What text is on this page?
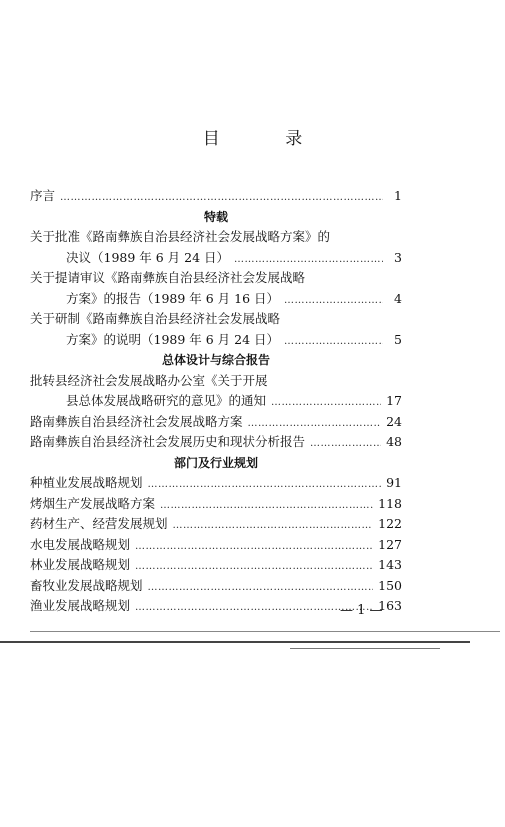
目 录
序言 ………………………………………………………………………………………………………………………………	1
特载
关于批准《路南彝族自治县经济社会发展战略方案》的
决议（1989 年 6 月 24 日） ………………………………………………………………………………………………………………………………	3
关于提请审议《路南彝族自治县经济社会发展战略
方案》的报告（1989 年 6 月 16 日） ………………………………………………………………………………………………………………………………	4
关于研制《路南彝族自治县经济社会发展战略
方案》的说明（1989 年 6 月 24 日） ………………………………………………………………………………………………………………………………	5
总体设计与综合报告
批转县经济社会发展战略办公室《关于开展
县总体发展战略研究的意见》的通知 ………………………………………………………………………………………………………………………………	17
路南彝族自治县经济社会发展战略方案 ………………………………………………………………………………………………………………………………	24
路南彝族自治县经济社会发展历史和现状分析报告 ………………………………………………………………………………………………………………………………	48
部门及行业规划
种植业发展战略规划 ………………………………………………………………………………………………………………………………	91
烤烟生产发展战略方案 ………………………………………………………………………………………………………………………………	118
药材生产、经营发展规划 ………………………………………………………………………………………………………………………………	122
水电发展战略规划 ………………………………………………………………………………………………………………………………	127
林业发展战略规划 ………………………………………………………………………………………………………………………………	143
畜牧业发展战略规划 ………………………………………………………………………………………………………………………………	150
渔业发展战略规划 ………………………………………………………………………………………………………………………………	163
— 1 —
